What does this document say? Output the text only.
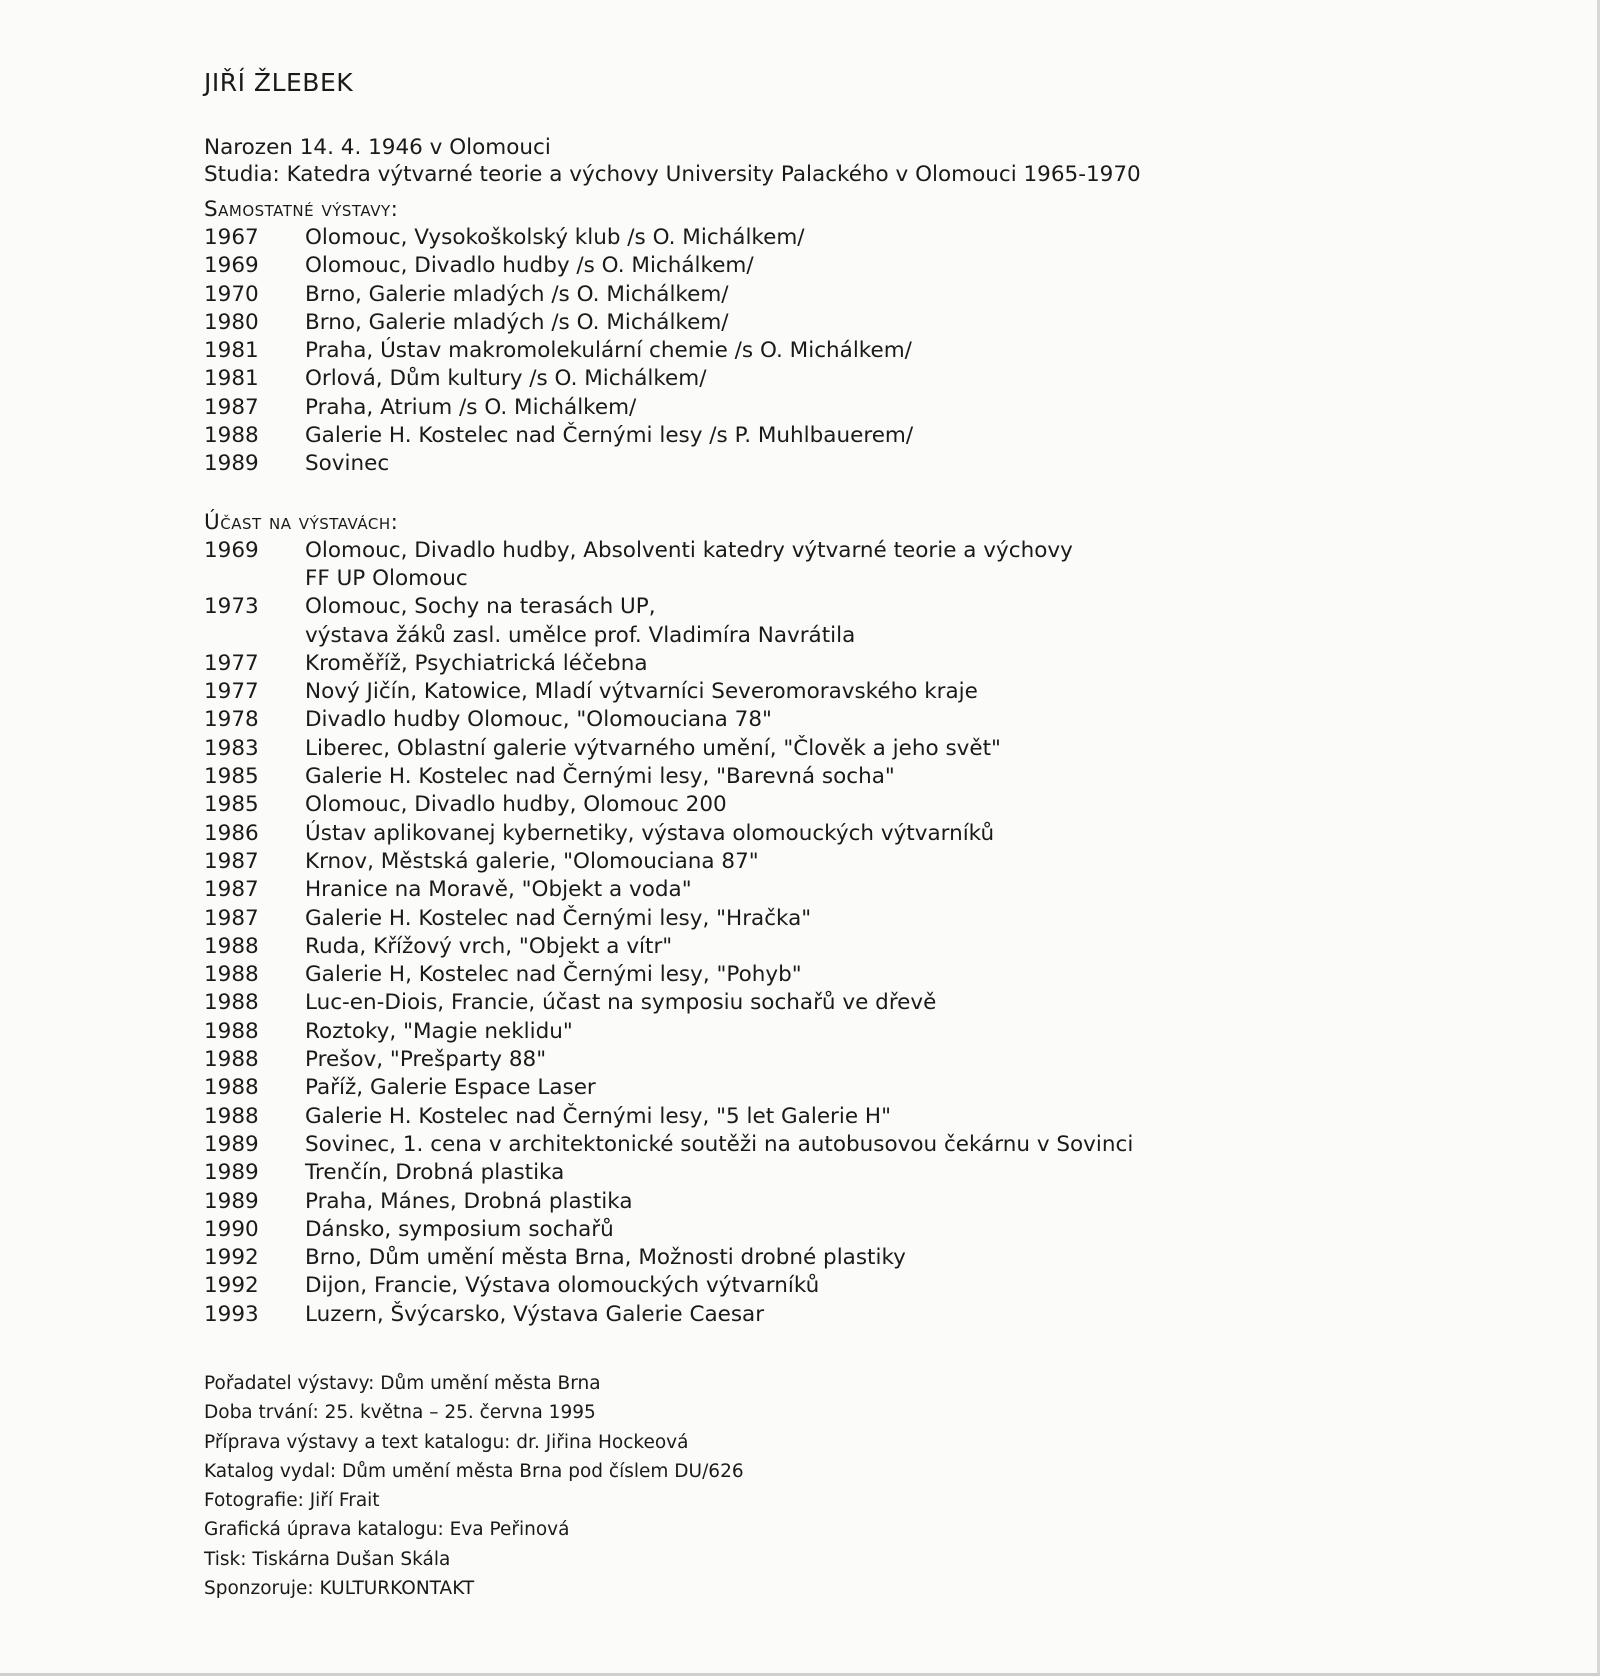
JIŘÍ ŽLEBEK
Narozen 14. 4. 1946 v Olomouci
Studia: Katedra výtvarné teorie a výchovy University Palackého v Olomouci 1965-1970
Samostatné výstavy:
1967	Olomouc, Vysokoškolský klub /s O. Michálkem/
1969	Olomouc, Divadlo hudby /s O. Michálkem/
1970	Brno, Galerie mladých /s O. Michálkem/
1980	Brno, Galerie mladých /s O. Michálkem/
1981	Praha, Ústav makromolekulární chemie /s O. Michálkem/
1981	Orlová, Dům kultury /s O. Michálkem/
1987	Praha, Atrium /s O. Michálkem/
1988	Galerie H. Kostelec nad Černými lesy /s P. Muhlbauerem/
1989	Sovinec
Účast na výstavách:
1969	Olomouc, Divadlo hudby, Absolventi katedry výtvarné teorie a výchovy
FF UP Olomouc
1973	Olomouc, Sochy na terasách UP,
výstava žáků zasl. umělce prof. Vladimíra Navrátila
1977	Kroměříž, Psychiatrická léčebna
1977	Nový Jičín, Katowice, Mladí výtvarníci Severomoravského kraje
1978	Divadlo hudby Olomouc, "Olomouciana 78"
1983	Liberec, Oblastní galerie výtvarného umění, "Člověk a jeho svět"
1985	Galerie H. Kostelec nad Černými lesy, "Barevná socha"
1985	Olomouc, Divadlo hudby, Olomouc 200
1986	Ústav aplikovanej kybernetiky, výstava olomouckých výtvarníků
1987	Krnov, Městská galerie, "Olomouciana 87"
1987	Hranice na Moravě, "Objekt a voda"
1987	Galerie H. Kostelec nad Černými lesy, "Hračka"
1988	Ruda, Křížový vrch, "Objekt a vítr"
1988	Galerie H, Kostelec nad Černými lesy, "Pohyb"
1988	Luc-en-Diois, Francie, účast na symposiu sochařů ve dřevě
1988	Roztoky, "Magie neklidu"
1988	Prešov, "Prešparty 88"
1988	Paříž, Galerie Espace Laser
1988	Galerie H. Kostelec nad Černými lesy, "5 let Galerie H"
1989	Sovinec, 1. cena v architektonické soutěži na autobusovou čekárnu v Sovinci
1989	Trenčín, Drobná plastika
1989	Praha, Mánes, Drobná plastika
1990	Dánsko, symposium sochařů
1992	Brno, Dům umění města Brna, Možnosti drobné plastiky
1992	Dijon, Francie, Výstava olomouckých výtvarníků
1993	Luzern, Švýcarsko, Výstava Galerie Caesar
Pořadatel výstavy: Dům umění města Brna
Doba trvání: 25. května – 25. června 1995
Příprava výstavy a text katalogu: dr. Jiřina Hockeová
Katalog vydal: Dům umění města Brna pod číslem DU/626
Fotografie: Jiří Frait
Grafická úprava katalogu: Eva Peřinová
Tisk: Tiskárna Dušan Skála
Sponzoruje: KULTURKONTAKT
